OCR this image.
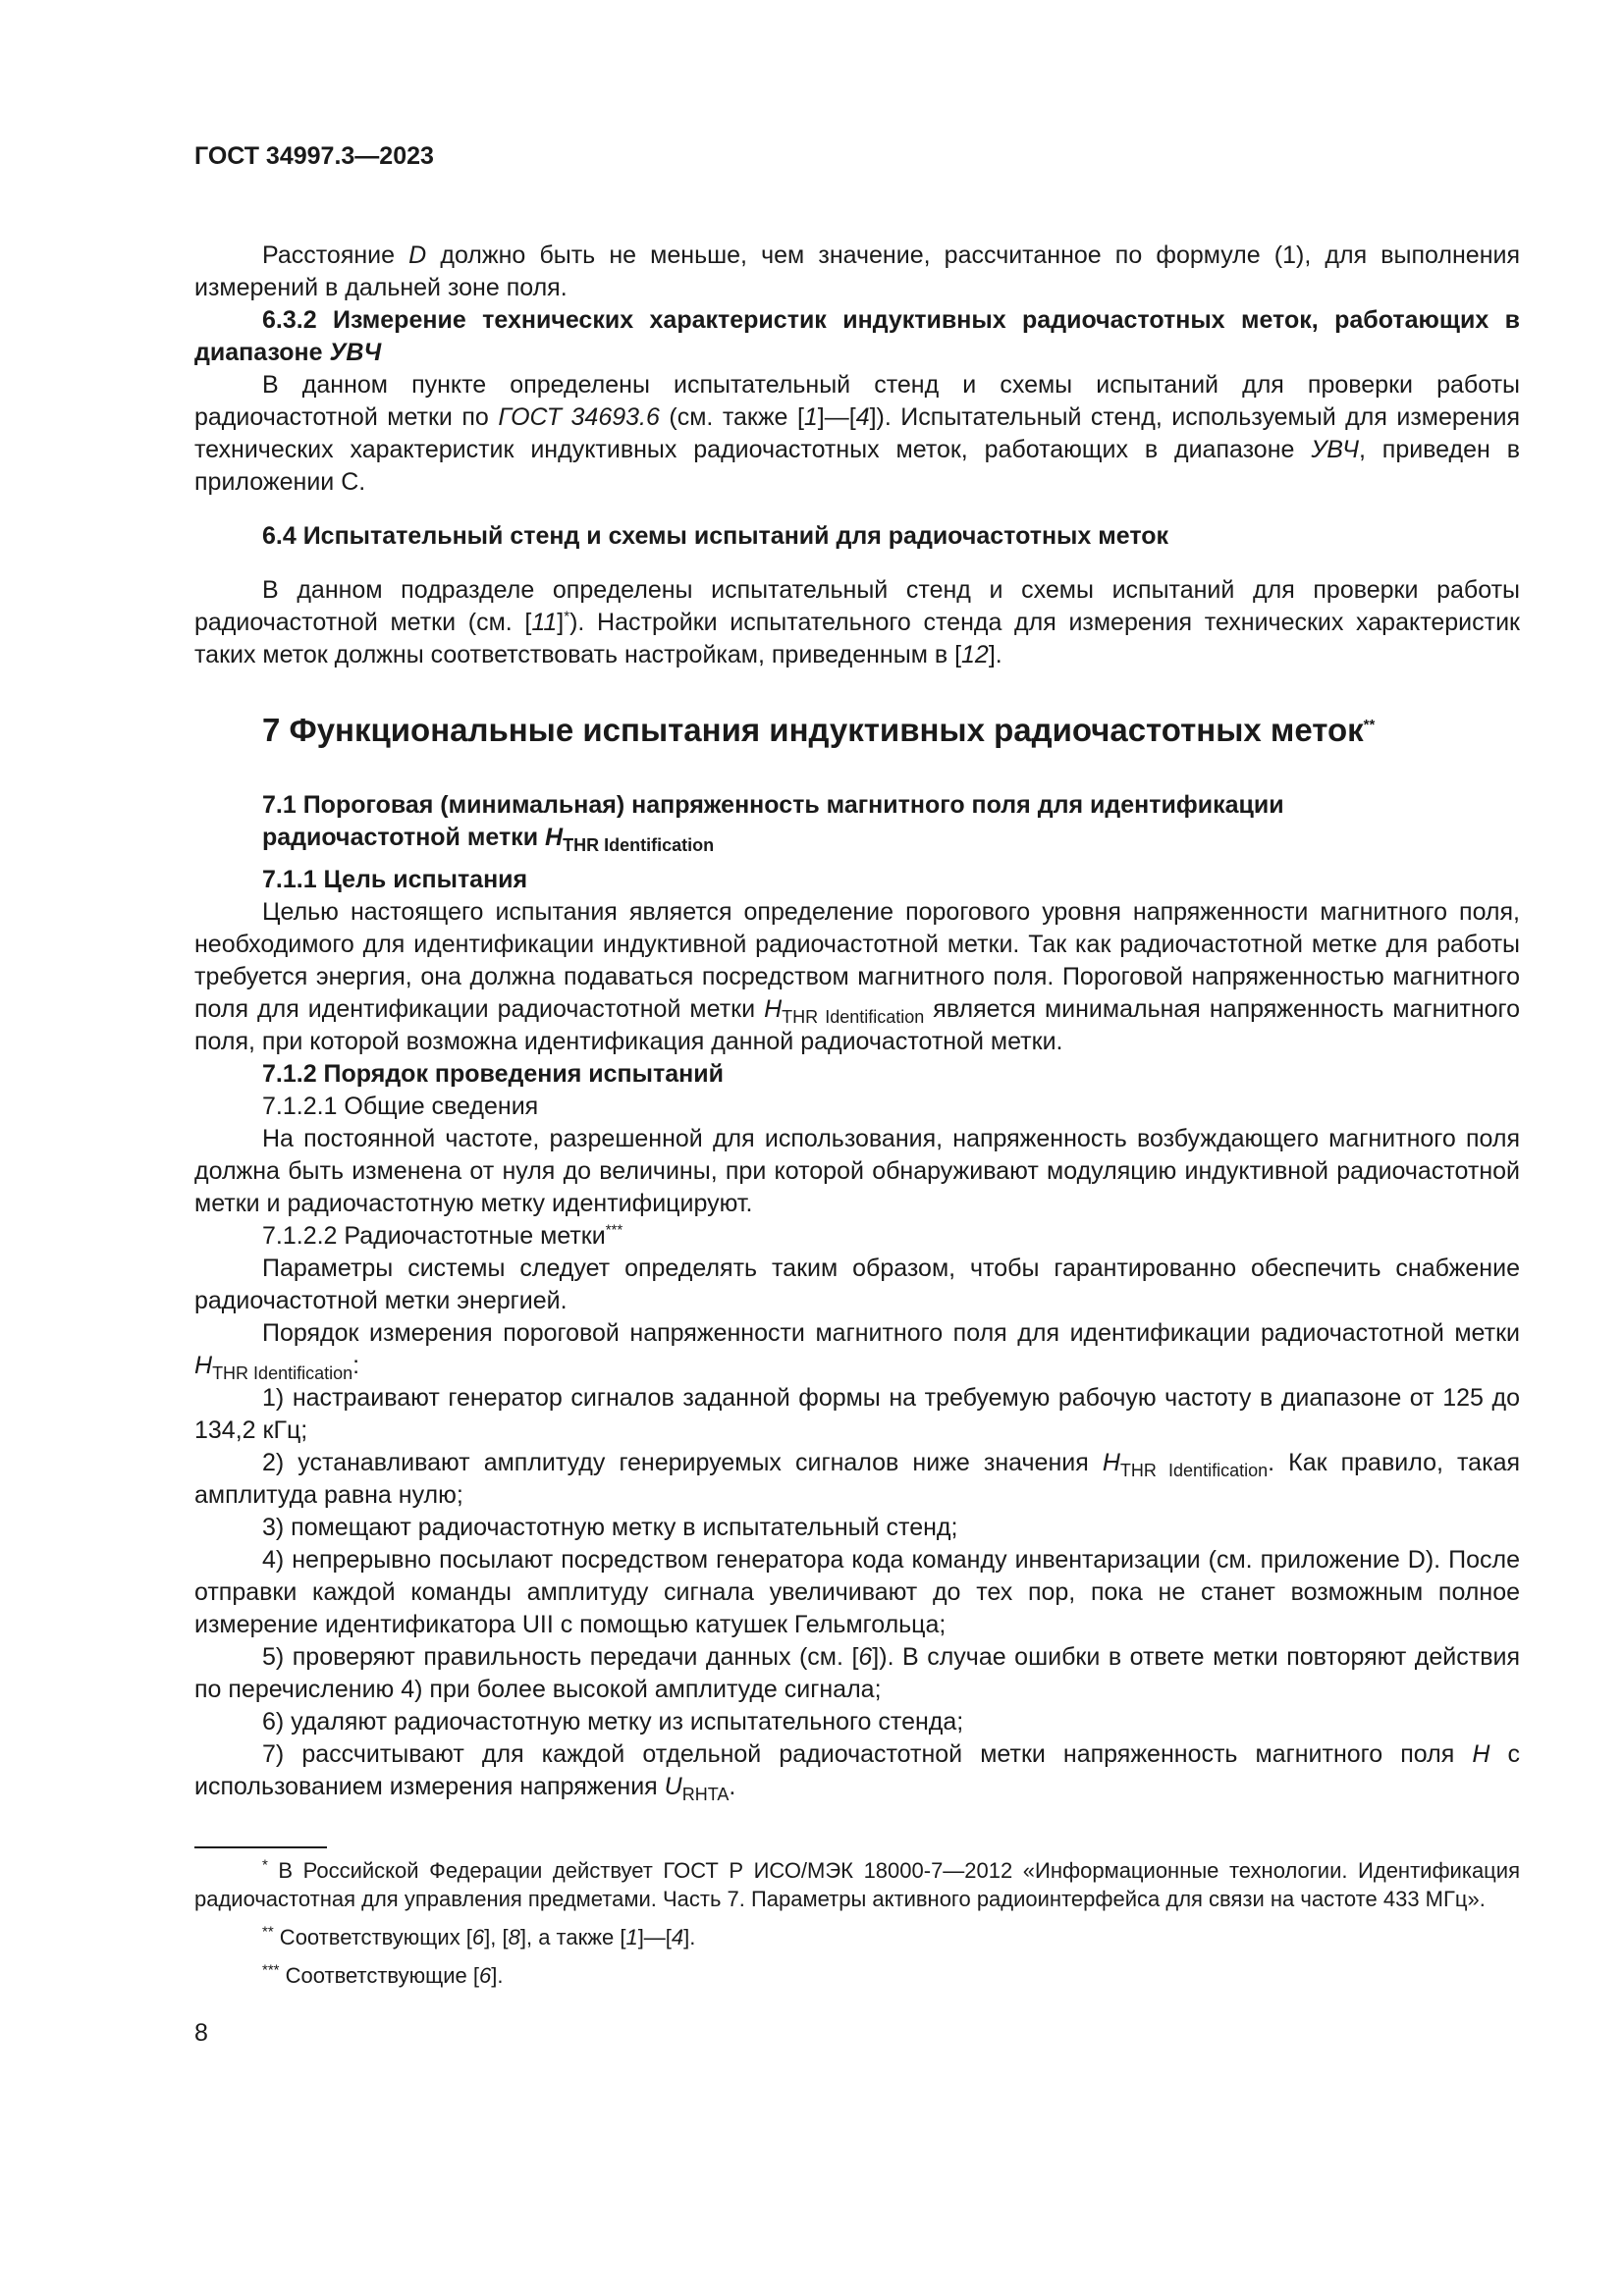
ГОСТ 34997.3—2023

Расстояние D должно быть не меньше, чем значение, рассчитанное по формуле (1), для выполнения измерений в дальней зоне поля.

6.3.2 Измерение технических характеристик индуктивных радиочастотных меток, работающих в диапазоне УВЧ

В данном пункте определены испытательный стенд и схемы испытаний для проверки работы радиочастотной метки по ГОСТ 34693.6 (см. также [1]—[4]). Испытательный стенд, используемый для измерения технических характеристик индуктивных радиочастотных меток, работающих в диапазоне УВЧ, приведен в приложении С.

6.4 Испытательный стенд и схемы испытаний для радиочастотных меток

В данном подразделе определены испытательный стенд и схемы испытаний для проверки работы радиочастотной метки (см. [11]*). Настройки испытательного стенда для измерения технических характеристик таких меток должны соответствовать настройкам, приведенным в [12].

7 Функциональные испытания индуктивных радиочастотных меток**
7.1 Пороговая (минимальная) напряженность магнитного поля для идентификации
радиочастотной метки $H_{THR Identification}$
7.1.1 Цель испытания

Целью настоящего испытания является определение порогового уровня напряженности магнитного поля, необходимого для идентификации индуктивной радиочастотной метки. Так как радиочастотной метке для работы требуется энергия, она должна подаваться посредством магнитного поля. Пороговой напряженностью магнитного поля для идентификации радиочастотной метки $H_{THR Identification}$ является минимальная напряженность магнитного поля, при которой возможна идентификация данной радиочастотной метки.

7.1.2 Порядок проведения испытаний
7.1.2.1 Общие сведения

На постоянной частоте, разрешенной для использования, напряженность возбуждающего магнитного поля должна быть изменена от нуля до величины, при которой обнаруживают модуляцию индуктивной радиочастотной метки и радиочастотную метку идентифицируют.

7.1.2.2 Радиочастотные метки***

Параметры системы следует определять таким образом, чтобы гарантированно обеспечить снабжение радиочастотной метки энергией.

Порядок измерения пороговой напряженности магнитного поля для идентификации радиочастотной метки $H_{THR Identification}$:

1) настраивают генератор сигналов заданной формы на требуемую рабочую частоту в диапазоне от 125 до 134,2 кГц;

2) устанавливают амплитуду генерируемых сигналов ниже значения $H_{THR Identification}$. Как правило, такая амплитуда равна нулю;

3) помещают радиочастотную метку в испытательный стенд;

4) непрерывно посылают посредством генератора кода команду инвентаризации (см. приложение D). После отправки каждой команды амплитуду сигнала увеличивают до тех пор, пока не станет возможным полное измерение идентификатора UII с помощью катушек Гельмгольца;

5) проверяют правильность передачи данных (см. [6]). В случае ошибки в ответе метки повторяют действия по перечислению 4) при более высокой амплитуде сигнала;

6) удаляют радиочастотную метку из испытательного стенда;

7) рассчитывают для каждой отдельной радиочастотной метки напряженность магнитного поля H с использованием измерения напряжения $U_{RHTA}$.

* В Российской Федерации действует ГОСТ Р ИСО/МЭК 18000-7—2012 «Информационные технологии. Идентификация радиочастотная для управления предметами. Часть 7. Параметры активного радиоинтерфейса для связи на частоте 433 МГц».

** Соответствующих [6], [8], а также [1]—[4].

*** Соответствующие [6].

8
